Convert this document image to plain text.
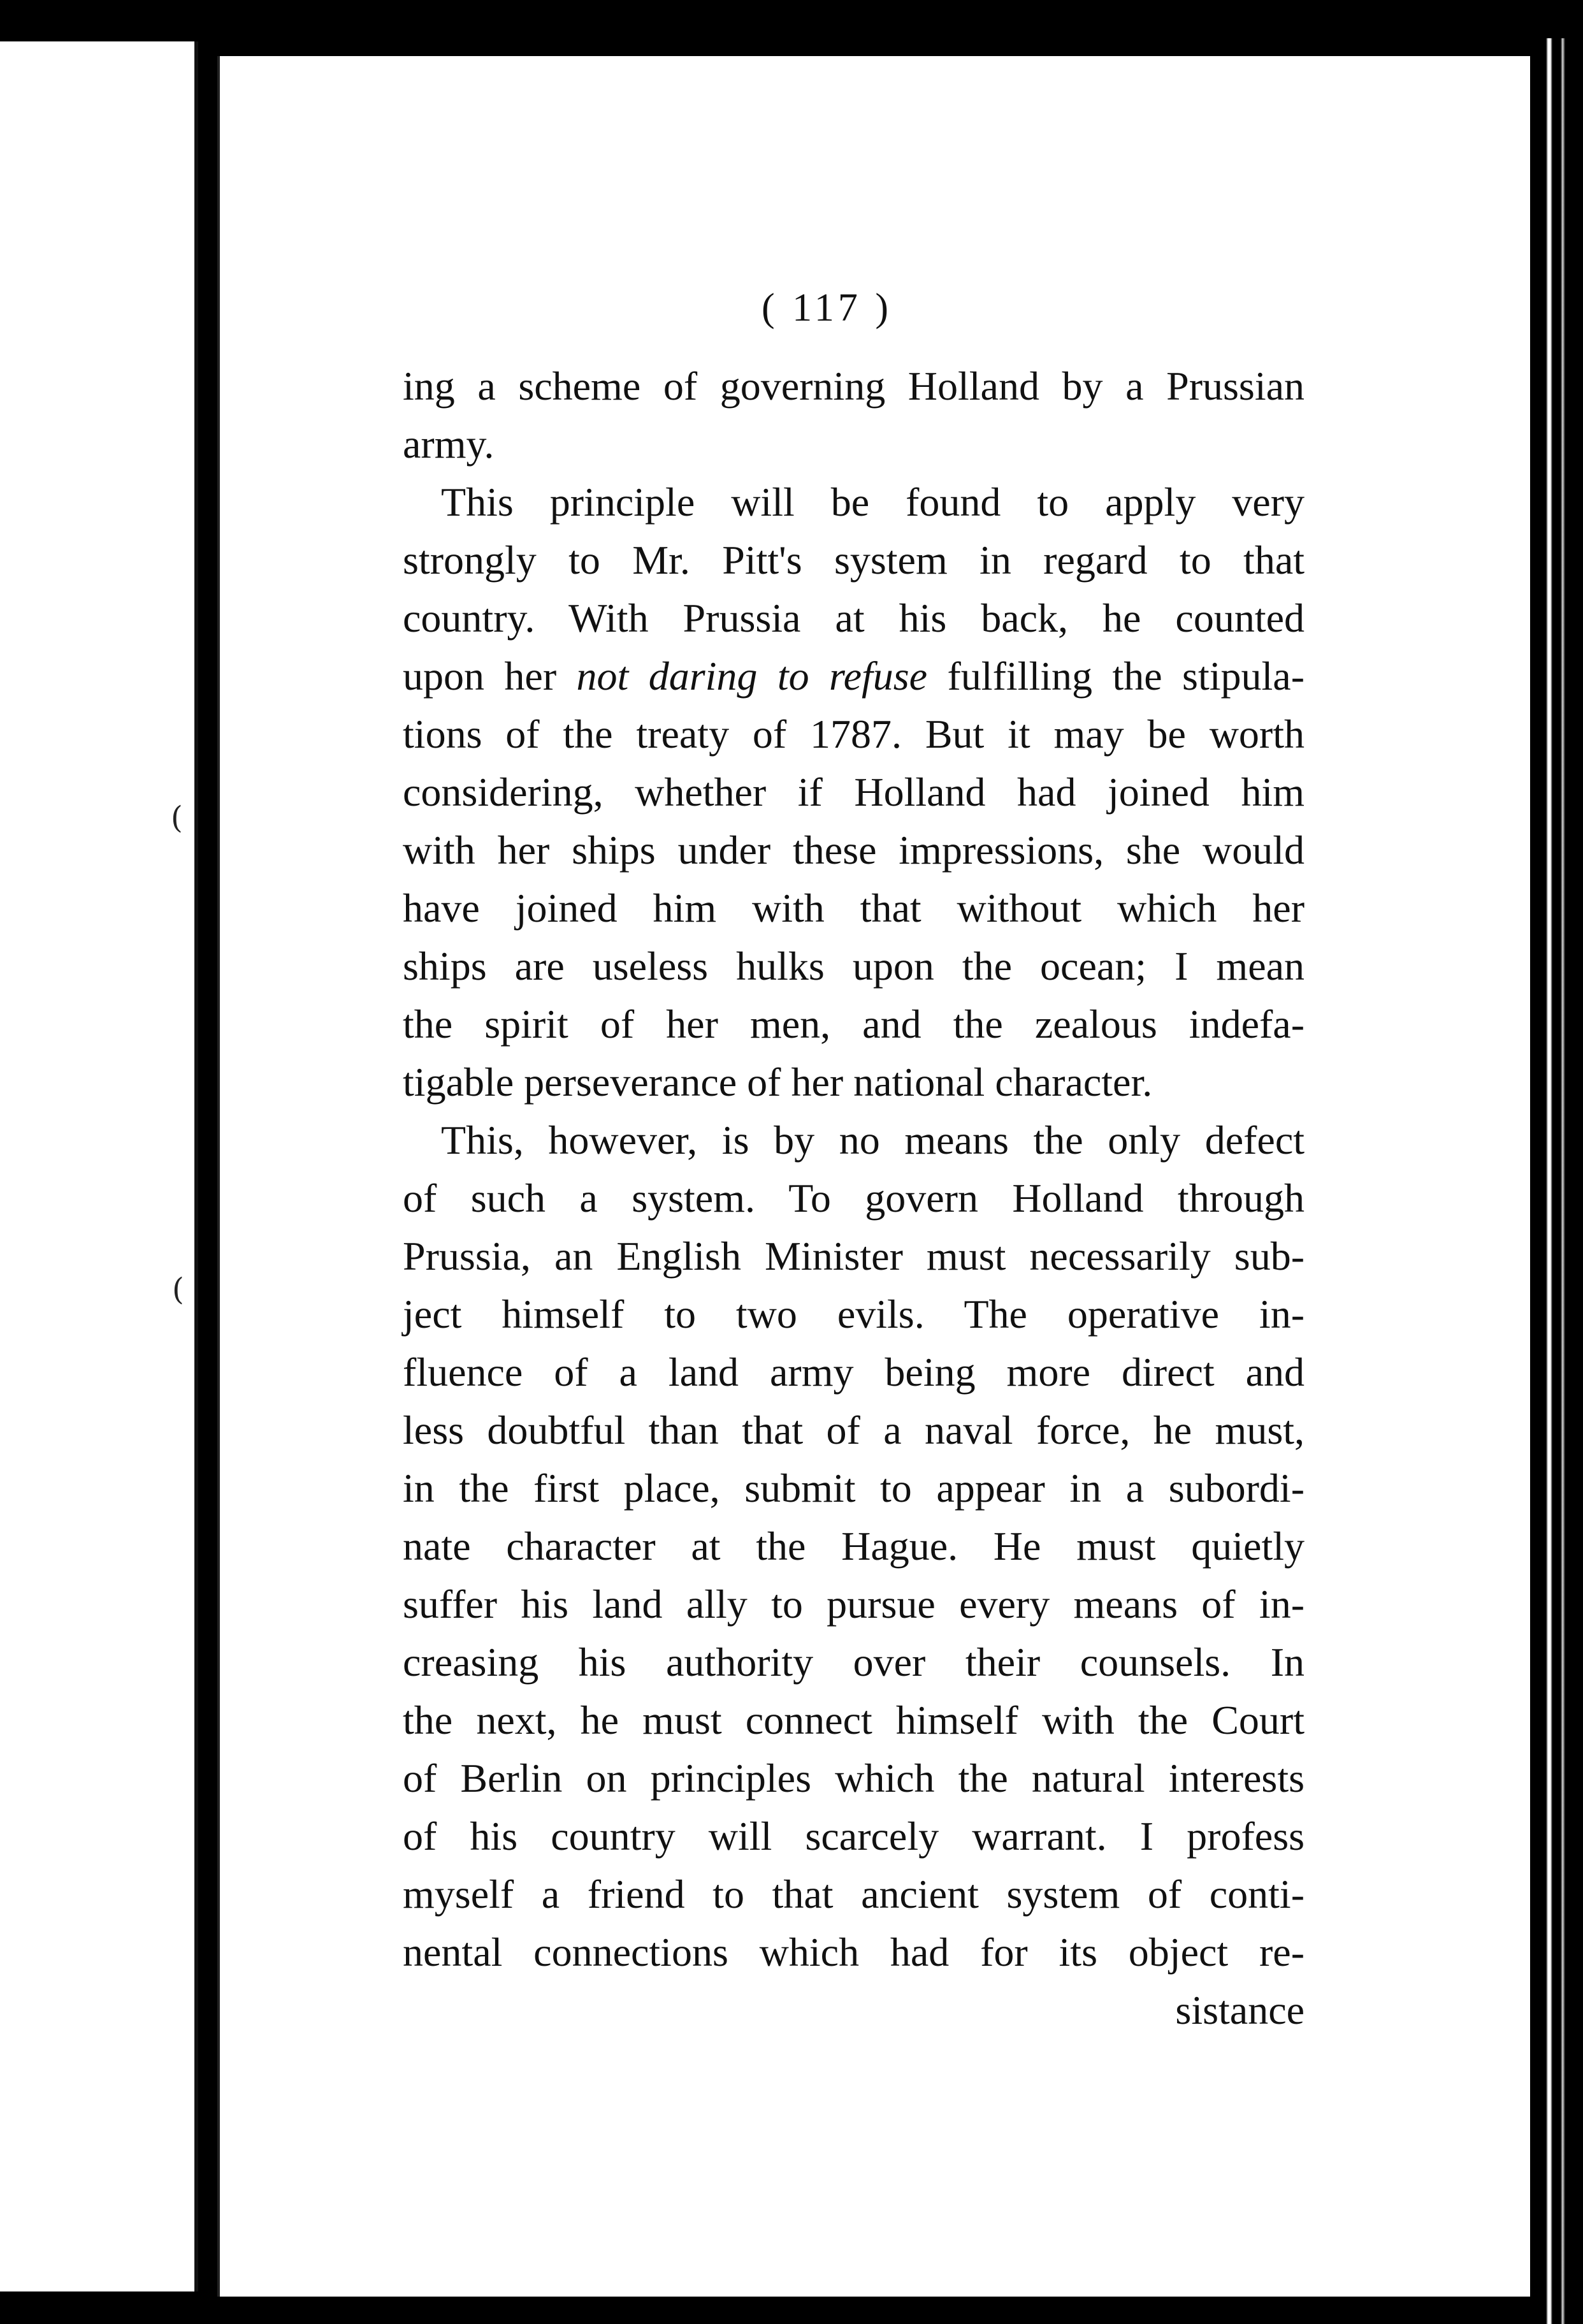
(
(
( 117 )
ing a scheme of governing Holland by a Prussian
army.
This principle will be found to apply very
strongly to Mr. Pitt's system in regard to that
country. With Prussia at his back, he counted
upon her not daring to refuse fulfilling the stipula-
tions of the treaty of 1787. But it may be worth
considering, whether if Holland had joined him
with her ships under these impressions, she would
have joined him with that without which her
ships are useless hulks upon the ocean; I mean
the spirit of her men, and the zealous indefa-
tigable perseverance of her national character.
This, however, is by no means the only defect
of such a system. To govern Holland through
Prussia, an English Minister must necessarily sub-
ject himself to two evils. The operative in-
fluence of a land army being more direct and
less doubtful than that of a naval force, he must,
in the first place, submit to appear in a subordi-
nate character at the Hague. He must quietly
suffer his land ally to pursue every means of in-
creasing his authority over their counsels. In
the next, he must connect himself with the Court
of Berlin on principles which the natural interests
of his country will scarcely warrant. I profess
myself a friend to that ancient system of conti-
nental connections which had for its object re-
sistance
